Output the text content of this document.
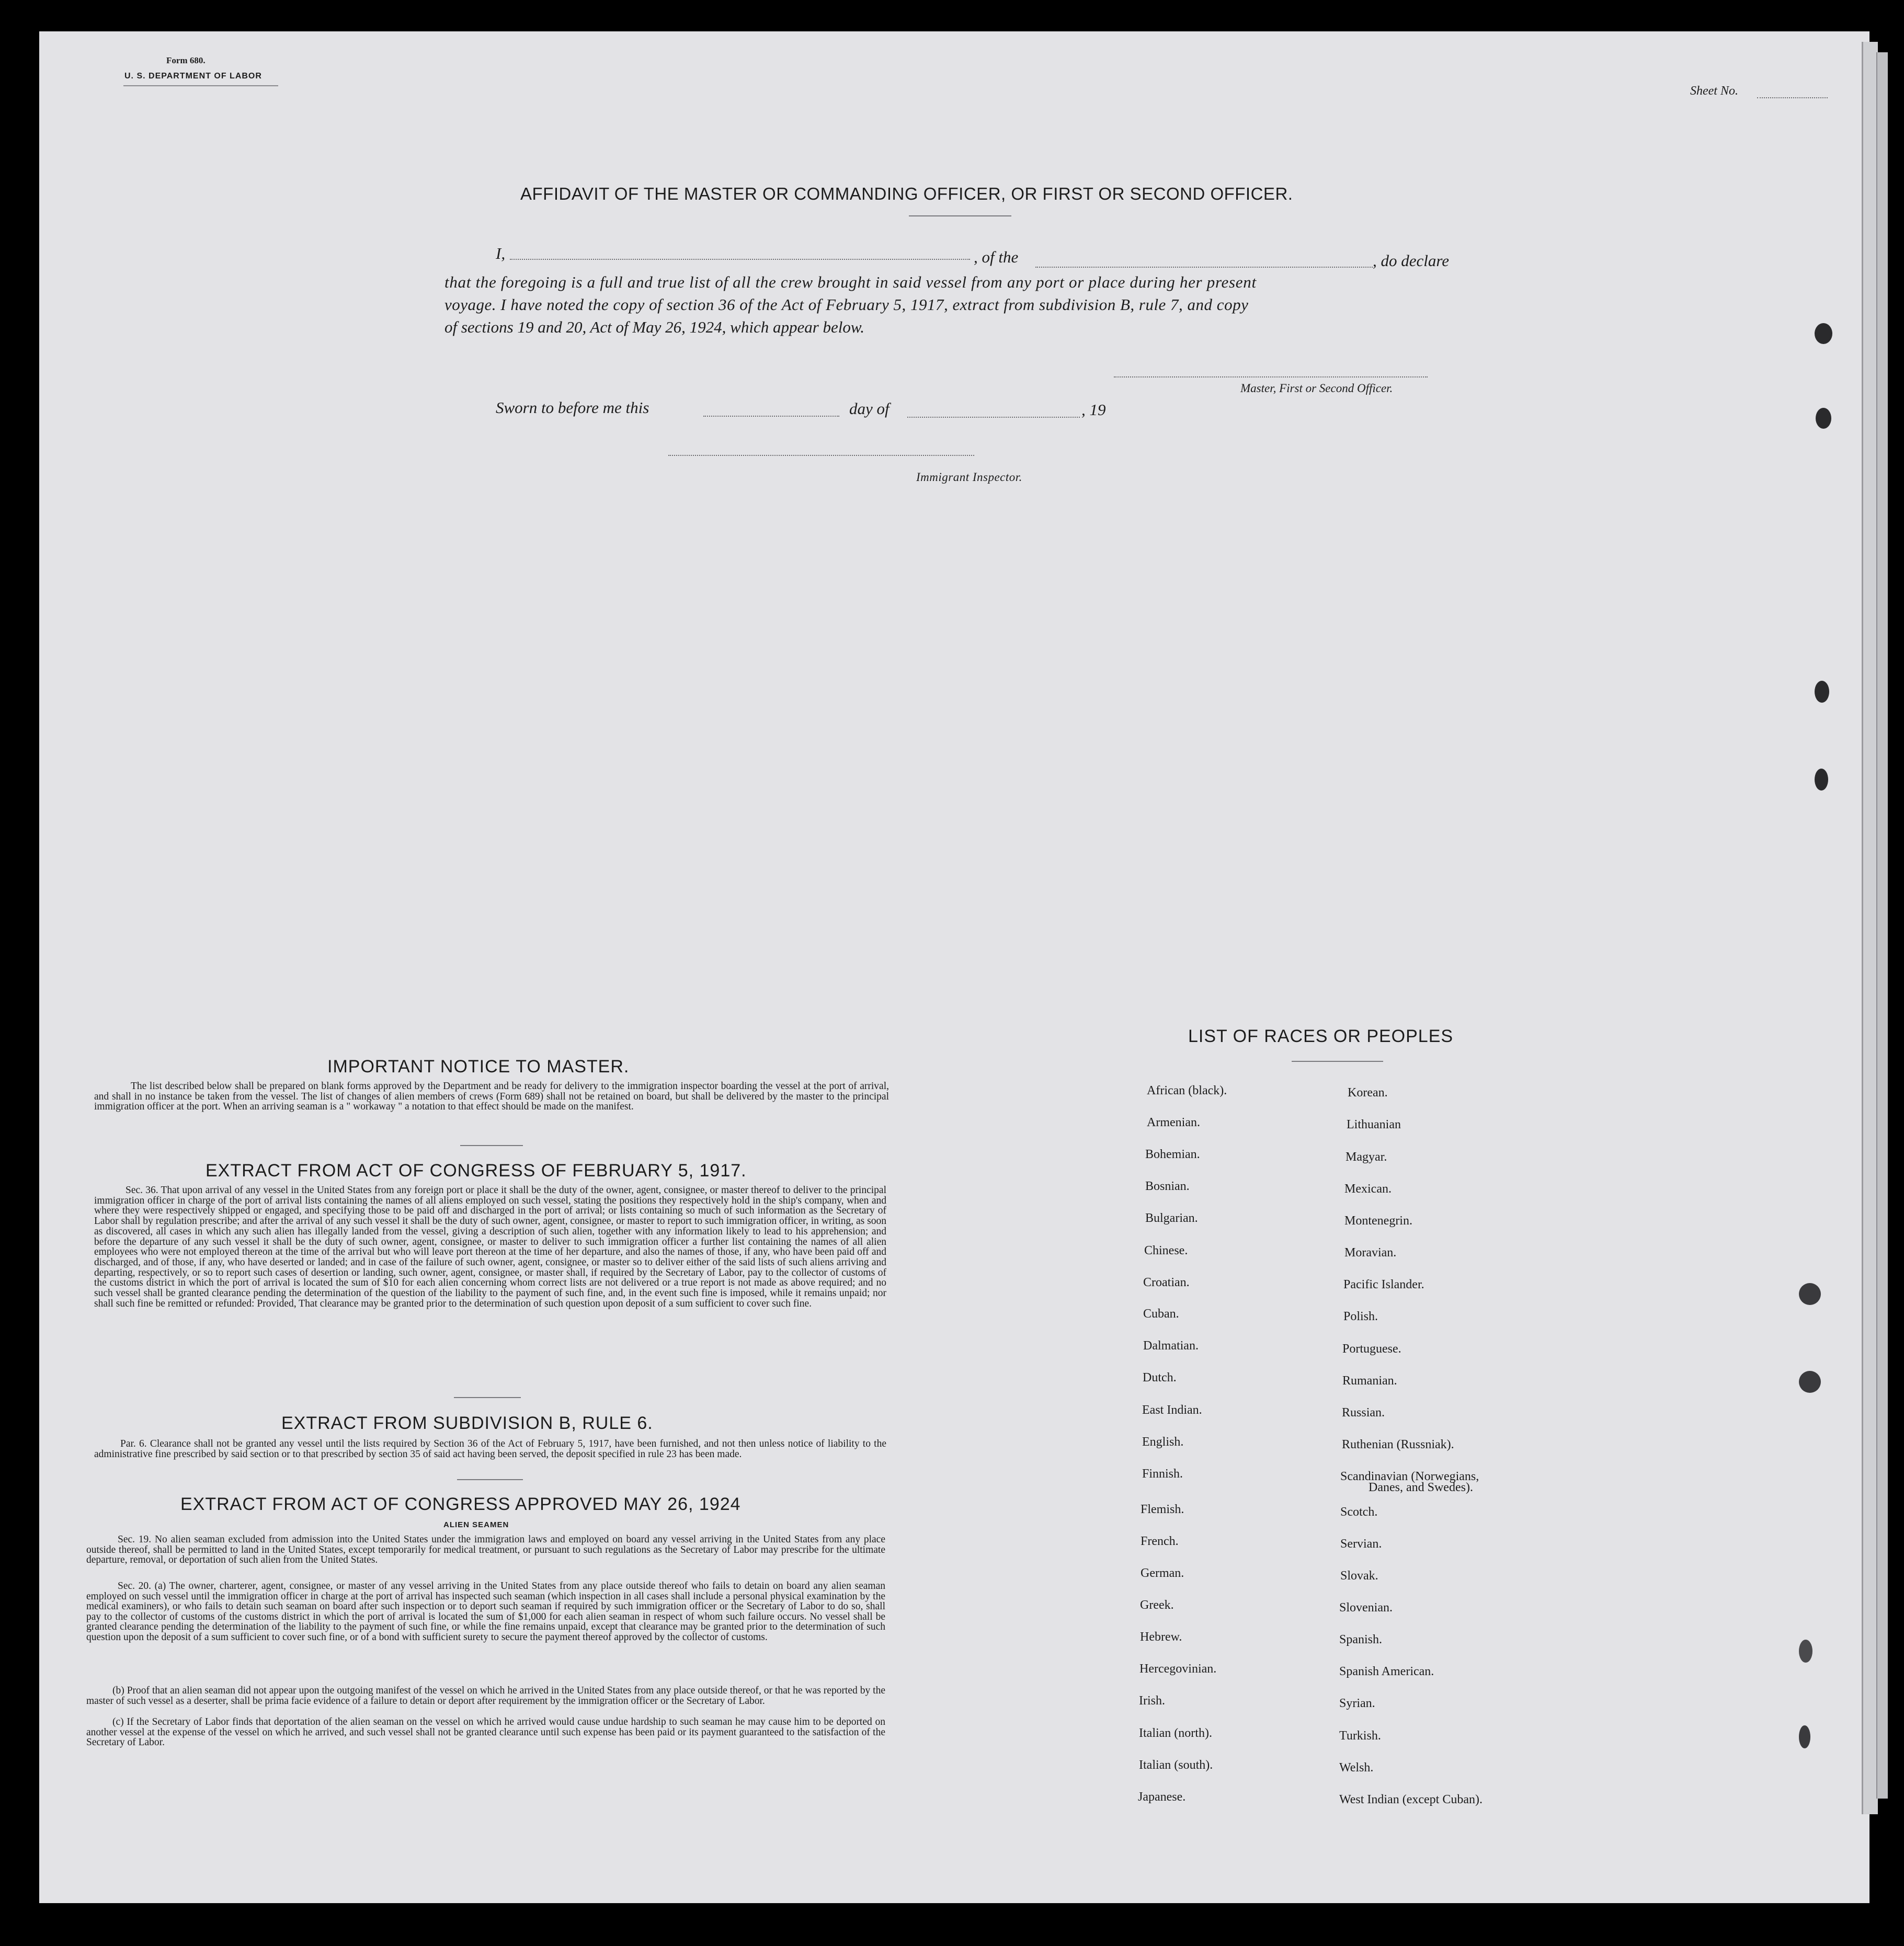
Form 680.
U. S. DEPARTMENT OF LABOR
Sheet No.
AFFIDAVIT OF THE MASTER OR COMMANDING OFFICER, OR FIRST OR SECOND OFFICER.
I,	, of the	, do declare
that the foregoing is a full and true list of all the crew brought in said vessel from any port or place during her present
voyage. I have noted the copy of section 36 of the Act of February 5, 1917, extract from subdivision B, rule 7, and copy
of sections 19 and 20, Act of May 26, 1924, which appear below.
Master, First or Second Officer.
Sworn to before me this	day of	, 19
Immigrant Inspector.
IMPORTANT NOTICE TO MASTER.
The list described below shall be prepared on blank forms approved by the Department and be ready for delivery to the immigration inspector boarding the vessel at the port of arrival, and shall in no instance be taken from the vessel. The list of changes of alien members of crews (Form 689) shall not be retained on board, but shall be delivered by the master to the principal immigration officer at the port. When an arriving seaman is a " workaway " a notation to that effect should be made on the manifest.
EXTRACT FROM ACT OF CONGRESS OF FEBRUARY 5, 1917.
Sec. 36. That upon arrival of any vessel in the United States from any foreign port or place it shall be the duty of the owner, agent, consignee, or master thereof to deliver to the principal immigration officer in charge of the port of arrival lists containing the names of all aliens employed on such vessel, stating the positions they respectively hold in the ship's company, when and where they were respectively shipped or engaged, and specifying those to be paid off and discharged in the port of arrival; or lists containing so much of such information as the Secretary of Labor shall by regulation prescribe; and after the arrival of any such vessel it shall be the duty of such owner, agent, consignee, or master to report to such immigration officer, in writing, as soon as discovered, all cases in which any such alien has illegally landed from the vessel, giving a description of such alien, together with any information likely to lead to his apprehension; and before the departure of any such vessel it shall be the duty of such owner, agent, consignee, or master to deliver to such immigration officer a further list containing the names of all alien employees who were not employed thereon at the time of the arrival but who will leave port thereon at the time of her departure, and also the names of those, if any, who have been paid off and discharged, and of those, if any, who have deserted or landed; and in case of the failure of such owner, agent, consignee, or master so to deliver either of the said lists of such aliens arriving and departing, respectively, or so to report such cases of desertion or landing, such owner, agent, consignee, or master shall, if required by the Secretary of Labor, pay to the collector of customs of the customs district in which the port of arrival is located the sum of $10 for each alien concerning whom correct lists are not delivered or a true report is not made as above required; and no such vessel shall be granted clearance pending the determination of the question of the liability to the payment of such fine, and, in the event such fine is imposed, while it remains unpaid; nor shall such fine be remitted or refunded: Provided, That clearance may be granted prior to the determination of such question upon deposit of a sum sufficient to cover such fine.
EXTRACT FROM SUBDIVISION B, RULE 6.
Par. 6. Clearance shall not be granted any vessel until the lists required by Section 36 of the Act of February 5, 1917, have been furnished, and not then unless notice of liability to the administrative fine prescribed by said section or to that prescribed by section 35 of said act having been served, the deposit specified in rule 23 has been made.
EXTRACT FROM ACT OF CONGRESS APPROVED MAY 26, 1924
ALIEN SEAMEN
Sec. 19. No alien seaman excluded from admission into the United States under the immigration laws and employed on board any vessel arriving in the United States from any place outside thereof, shall be permitted to land in the United States, except temporarily for medical treatment, or pursuant to such regulations as the Secretary of Labor may prescribe for the ultimate departure, removal, or deportation of such alien from the United States.
Sec. 20. (a) The owner, charterer, agent, consignee, or master of any vessel arriving in the United States from any place outside thereof who fails to detain on board any alien seaman employed on such vessel until the immigration officer in charge at the port of arrival has inspected such seaman (which inspection in all cases shall include a personal physical examination by the medical examiners), or who fails to detain such seaman on board after such inspection or to deport such seaman if required by such immigration officer or the Secretary of Labor to do so, shall pay to the collector of customs of the customs district in which the port of arrival is located the sum of $1,000 for each alien seaman in respect of whom such failure occurs. No vessel shall be granted clearance pending the determination of the liability to the payment of such fine, or while the fine remains unpaid, except that clearance may be granted prior to the determination of such question upon the deposit of a sum sufficient to cover such fine, or of a bond with sufficient surety to secure the payment thereof approved by the collector of customs.
(b) Proof that an alien seaman did not appear upon the outgoing manifest of the vessel on which he arrived in the United States from any place outside thereof, or that he was reported by the master of such vessel as a deserter, shall be prima facie evidence of a failure to detain or deport after requirement by the immigration officer or the Secretary of Labor.
(c) If the Secretary of Labor finds that deportation of the alien seaman on the vessel on which he arrived would cause undue hardship to such seaman he may cause him to be deported on another vessel at the expense of the vessel on which he arrived, and such vessel shall not be granted clearance until such expense has been paid or its payment guaranteed to the satisfaction of the Secretary of Labor.
LIST OF RACES OR PEOPLES
African (black).
Armenian.
Bohemian.
Bosnian.
Bulgarian.
Chinese.
Croatian.
Cuban.
Dalmatian.
Dutch.
East Indian.
English.
Finnish.
Flemish.
French.
German.
Greek.
Hebrew.
Hercegovinian.
Irish.
Italian (north).
Italian (south).
Japanese.
Korean.
Lithuanian
Magyar.
Mexican.
Montenegrin.
Moravian.
Pacific Islander.
Polish.
Portuguese.
Rumanian.
Russian.
Ruthenian (Russniak).
Scandinavian (Norwegians,
Scotch.
Servian.
Slovak.
Slovenian.
Spanish.
Spanish American.
Syrian.
Turkish.
Welsh.
West Indian (except Cuban).
Danes, and Swedes).
